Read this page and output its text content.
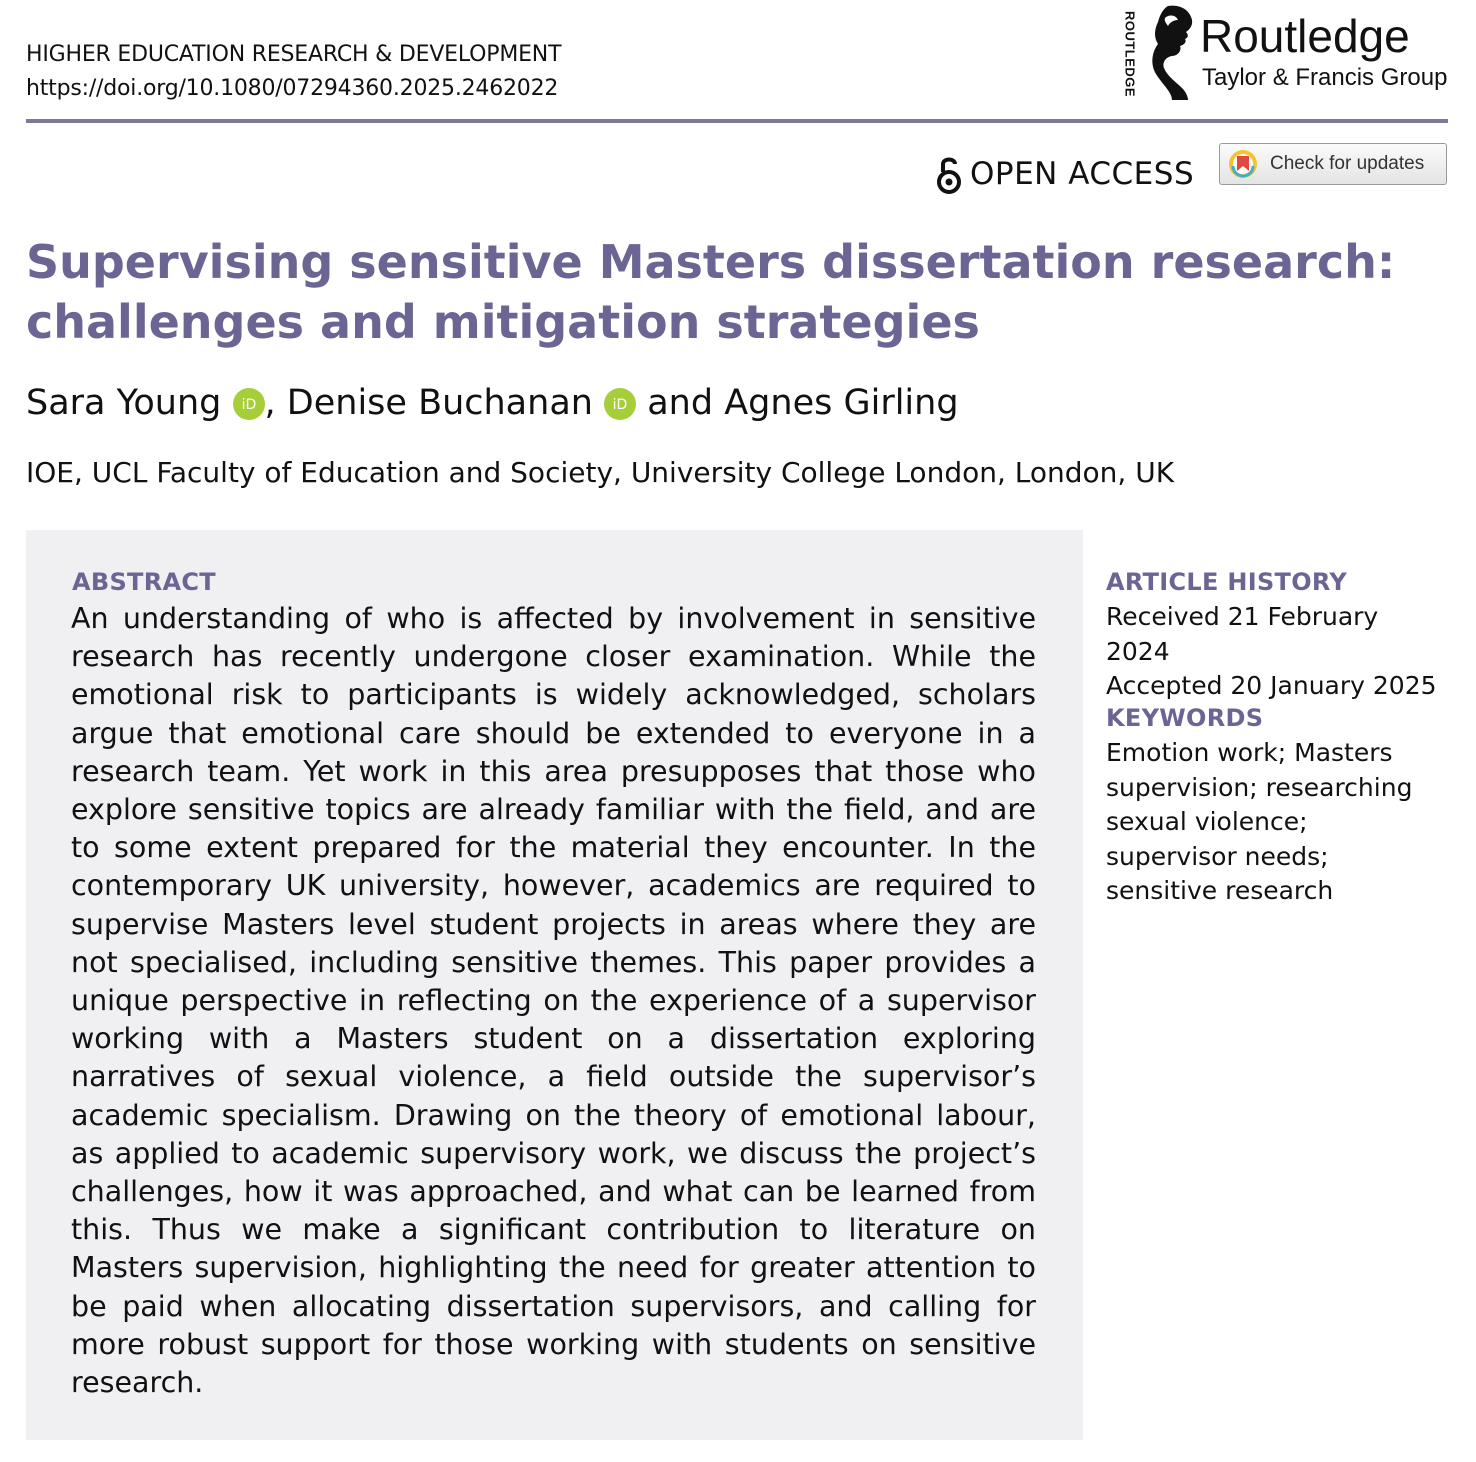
HIGHER EDUCATION RESEARCH & DEVELOPMENT
https://doi.org/10.1080/07294360.2025.2462022	ROUTLEDGE Routledge
Taylor & Francis Group
OPEN ACCESS	Check for updates
Supervising sensitive Masters dissertation research:
challenges and mitigation strategies
Sara Young iD , Denise Buchanan iD and Agnes Girling
IOE, UCL Faculty of Education and Society, University College London, London, UK
ABSTRACT

An understanding of who is affected by involvement in sensitive research has recently undergone closer examination. While the emotional risk to participants is widely acknowledged, scholars argue that emotional care should be extended to everyone in a research team. Yet work in this area presupposes that those who explore sensitive topics are already familiar with the field, and are to some extent prepared for the material they encounter. In the contemporary UK university, however, academics are required to supervise Masters level student projects in areas where they are not specialised, including sensitive themes. This paper provides a unique perspective in reflecting on the experience of a supervisor working with a Masters student on a dissertation exploring narratives of sexual violence, a field outside the supervisor’s academic specialism. Drawing on the theory of emotional labour, as applied to academic supervisory work, we discuss the project’s challenges, how it was approached, and what can be learned from this. Thus we make a significant contribution to literature on Masters supervision, highlighting the need for greater attention to be paid when allocating dissertation supervisors, and calling for more robust support for those working with students on sensitive research.

ARTICLE HISTORY
Received 21 February 2024
Accepted 20 January 2025
KEYWORDS
Emotion work; Masters supervision; researching sexual violence; supervisor needs; sensitive research
